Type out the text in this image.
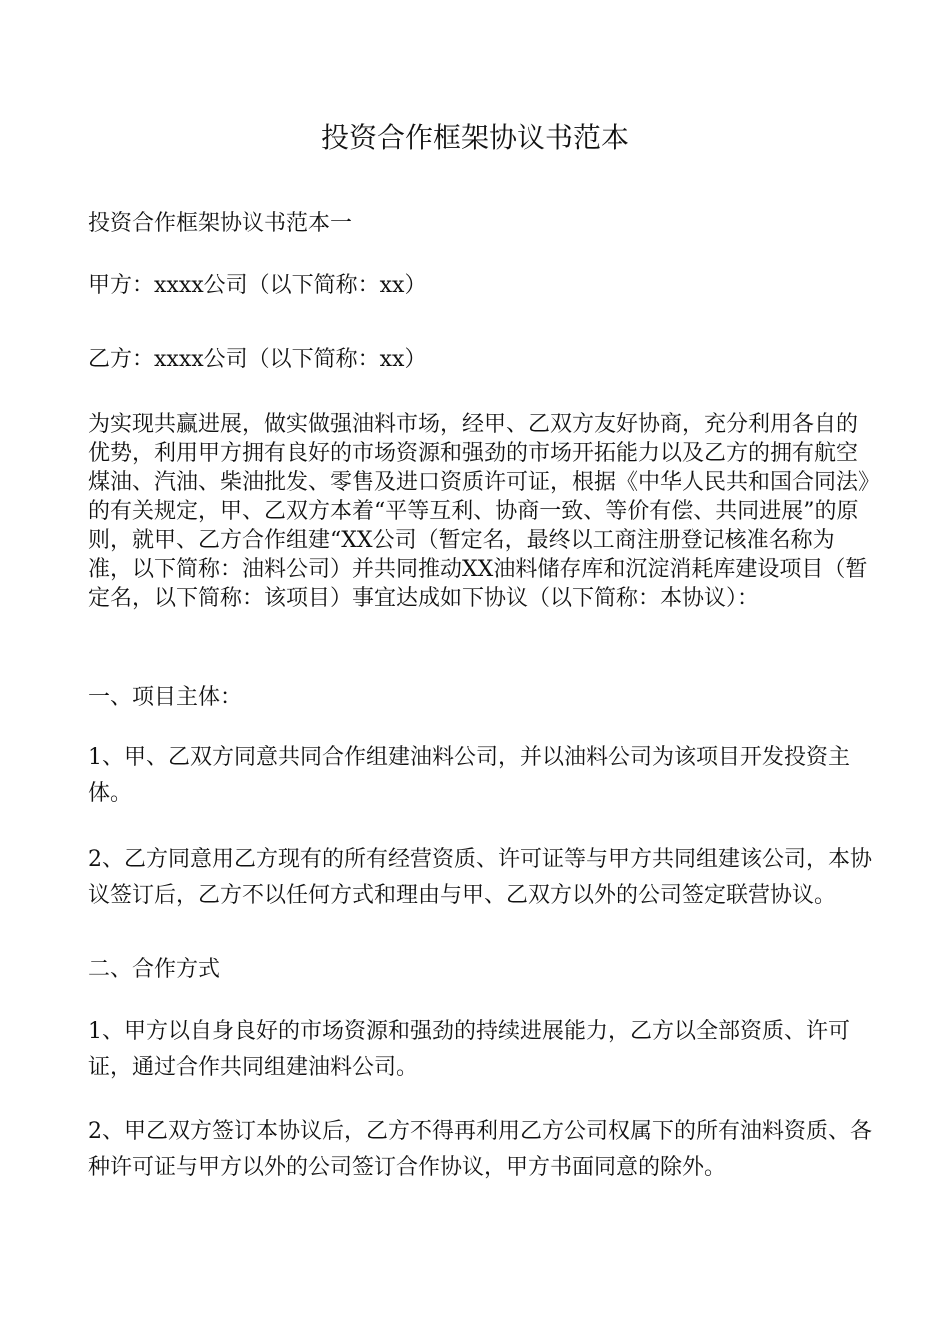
投资合作框架协议书范本

投资合作框架协议书范本一

甲方：xxxx公司（以下简称：xx）

乙方：xxxx公司（以下简称：xx）

为实现共赢进展，做实做强油料市场，经甲、乙双方友好协商，充分利用各自的优势，利用甲方拥有良好的市场资源和强劲的市场开拓能力以及乙方的拥有航空煤油、汽油、柴油批发、零售及进口资质许可证，根据《中华人民共和国合同法》的有关规定，甲、乙双方本着“平等互利、协商一致、等价有偿、共同进展”的原则，就甲、乙方合作组建“XX公司（暂定名，最终以工商注册登记核准名称为准，以下简称：油料公司）并共同推动XX油料储存库和沉淀消耗库建设项目（暂定名，以下简称：该项目）事宜达成如下协议（以下简称：本协议）：

一、项目主体：

1、甲、乙双方同意共同合作组建油料公司，并以油料公司为该项目开发投资主体。

2、乙方同意用乙方现有的所有经营资质、许可证等与甲方共同组建该公司，本协议签订后，乙方不以任何方式和理由与甲、乙双方以外的公司签定联营协议。

二、合作方式

1、甲方以自身良好的市场资源和强劲的持续进展能力，乙方以全部资质、许可证，通过合作共同组建油料公司。

2、甲乙双方签订本协议后，乙方不得再利用乙方公司权属下的所有油料资质、各种许可证与甲方以外的公司签订合作协议，甲方书面同意的除外。
